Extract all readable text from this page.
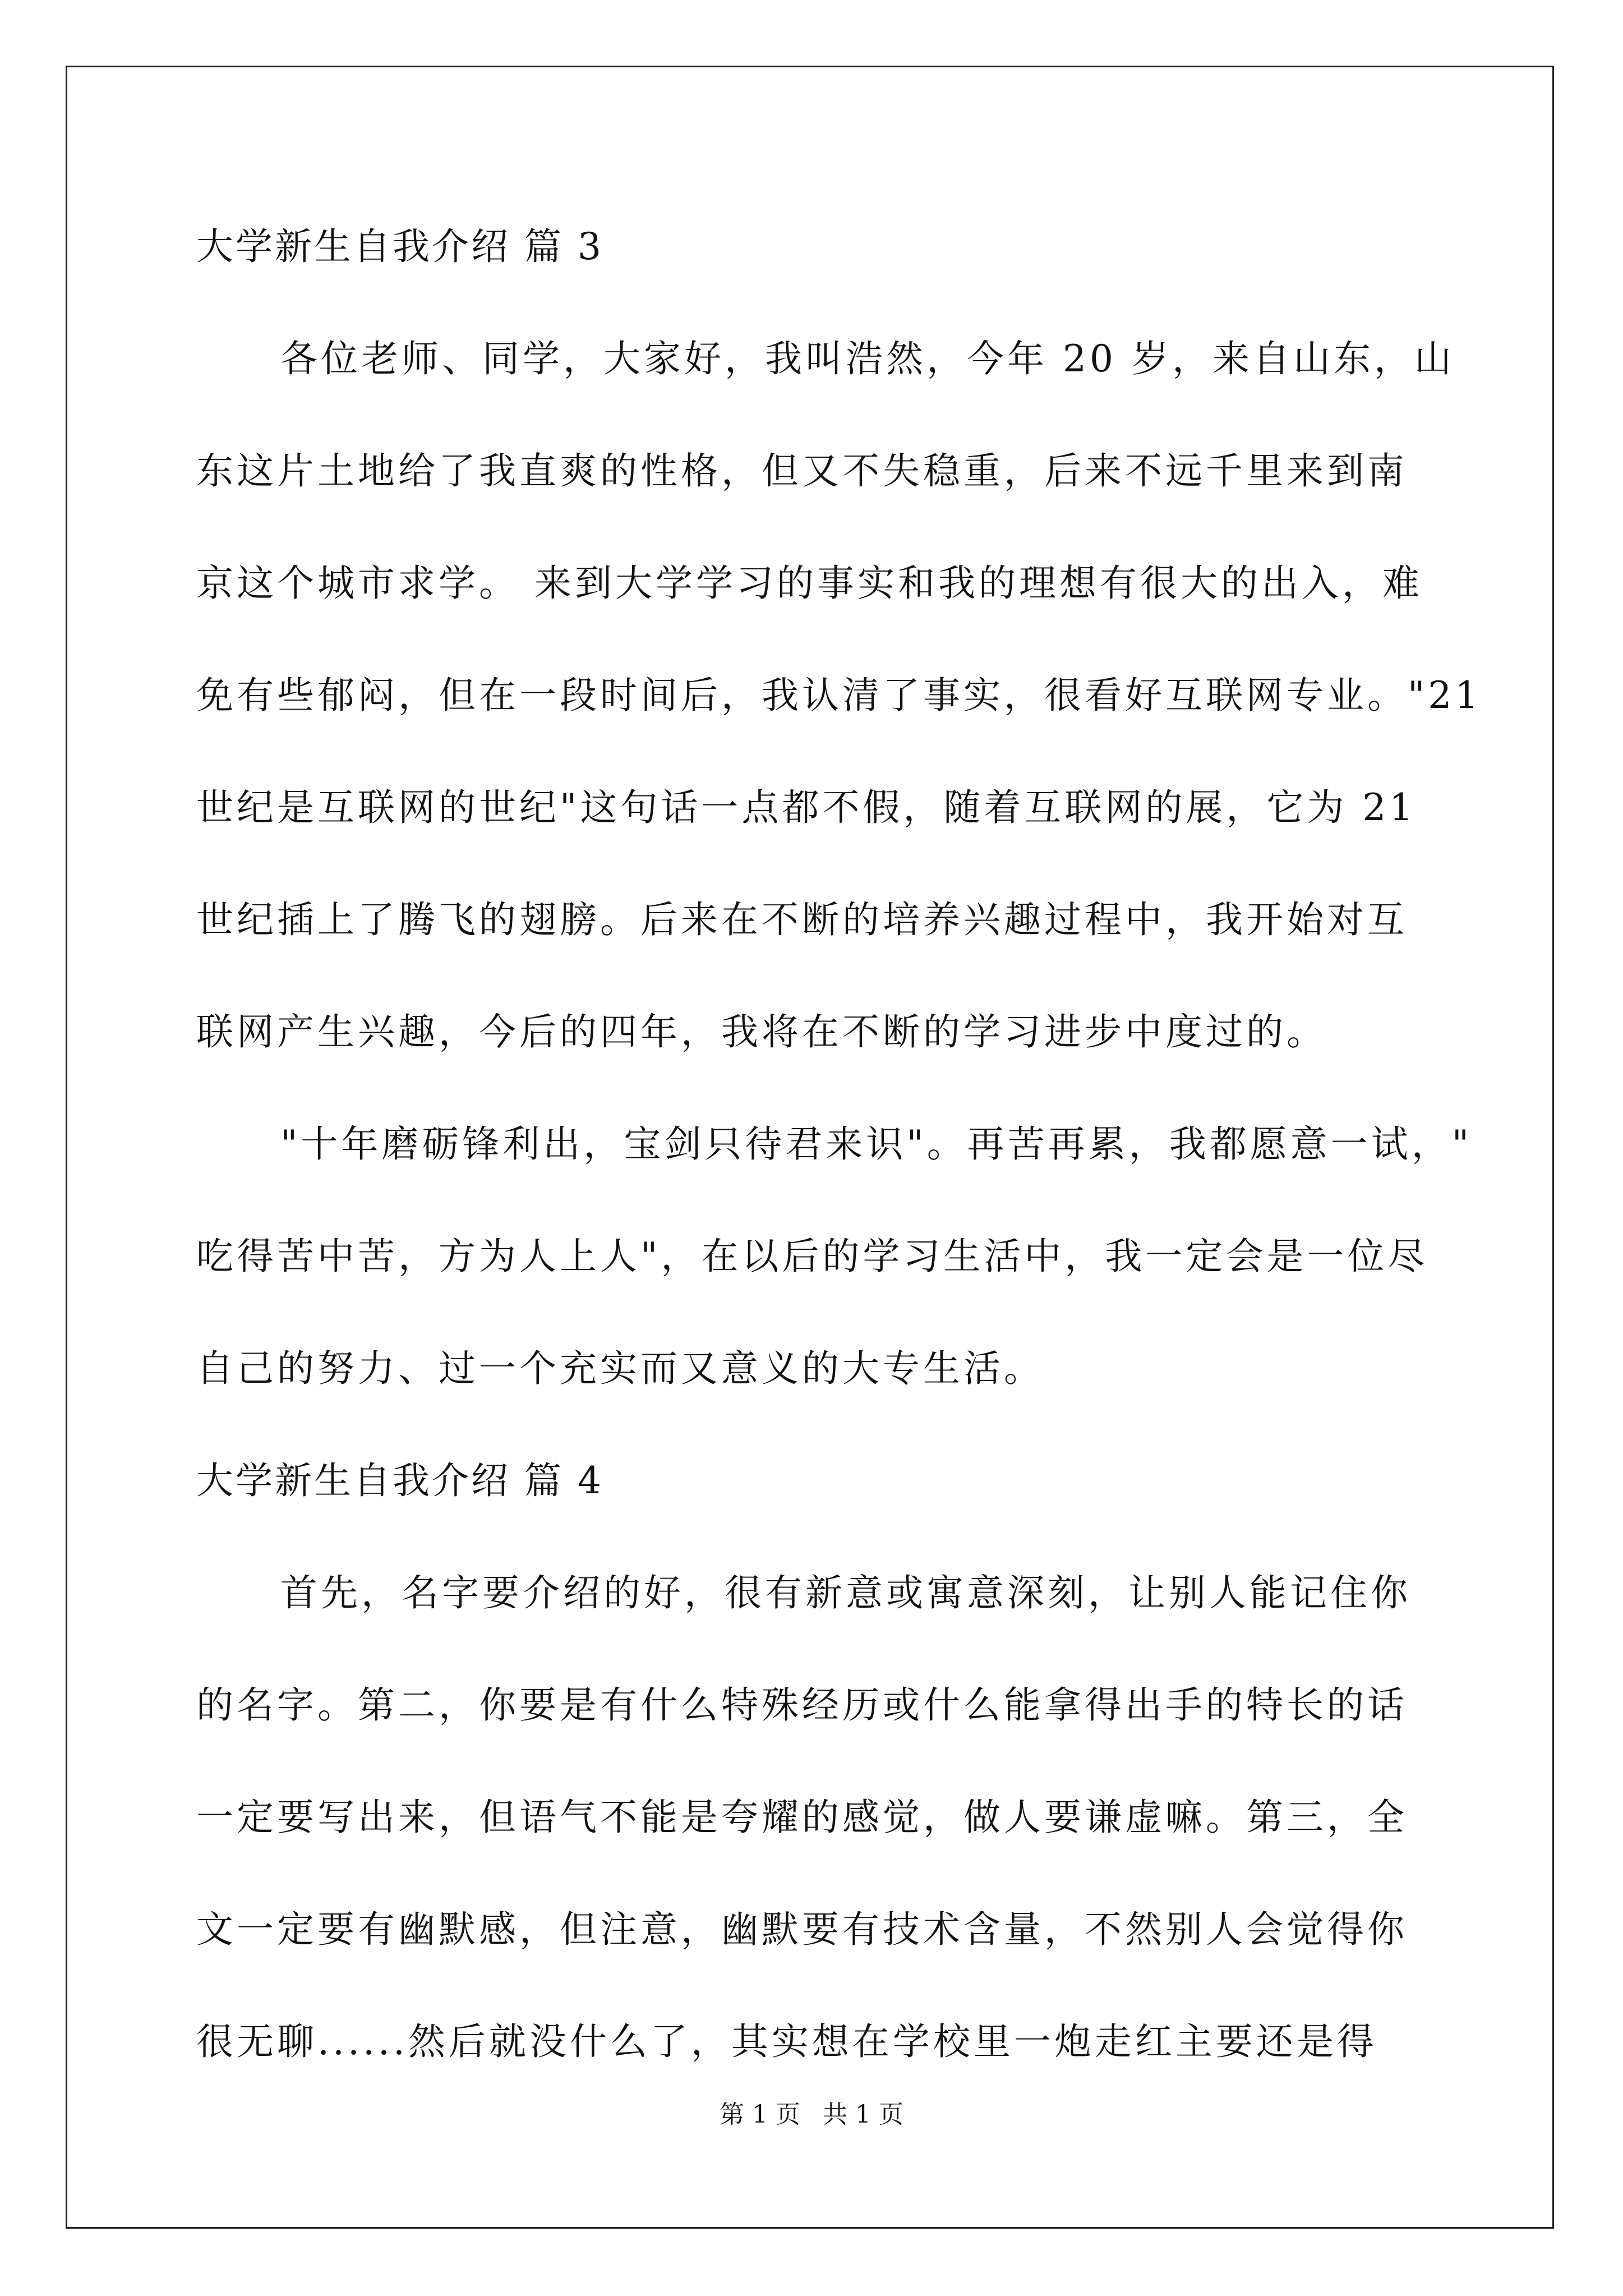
大学新生自我介绍 篇 3
各位老师、同学，大家好，我叫浩然，今年 20 岁，来自山东，山
东这片土地给了我直爽的性格，但又不失稳重，后来不远千里来到南
京这个城市求学。 来到大学学习的事实和我的理想有很大的出入，难
免有些郁闷，但在一段时间后，我认清了事实，很看好互联网专业。"21
世纪是互联网的世纪"这句话一点都不假，随着互联网的展，它为 21
世纪插上了腾飞的翅膀。后来在不断的培养兴趣过程中，我开始对互
联网产生兴趣，今后的四年，我将在不断的学习进步中度过的。
"十年磨砺锋利出，宝剑只待君来识"。再苦再累，我都愿意一试，"
吃得苦中苦，方为人上人"，在以后的学习生活中，我一定会是一位尽
自己的努力、过一个充实而又意义的大专生活。
大学新生自我介绍 篇 4
首先，名字要介绍的好，很有新意或寓意深刻，让别人能记住你
的名字。第二，你要是有什么特殊经历或什么能拿得出手的特长的话
一定要写出来，但语气不能是夸耀的感觉，做人要谦虚嘛。第三，全
文一定要有幽默感，但注意，幽默要有技术含量，不然别人会觉得你
很无聊......然后就没什么了，其实想在学校里一炮走红主要还是得
第 1 页 共 1 页
